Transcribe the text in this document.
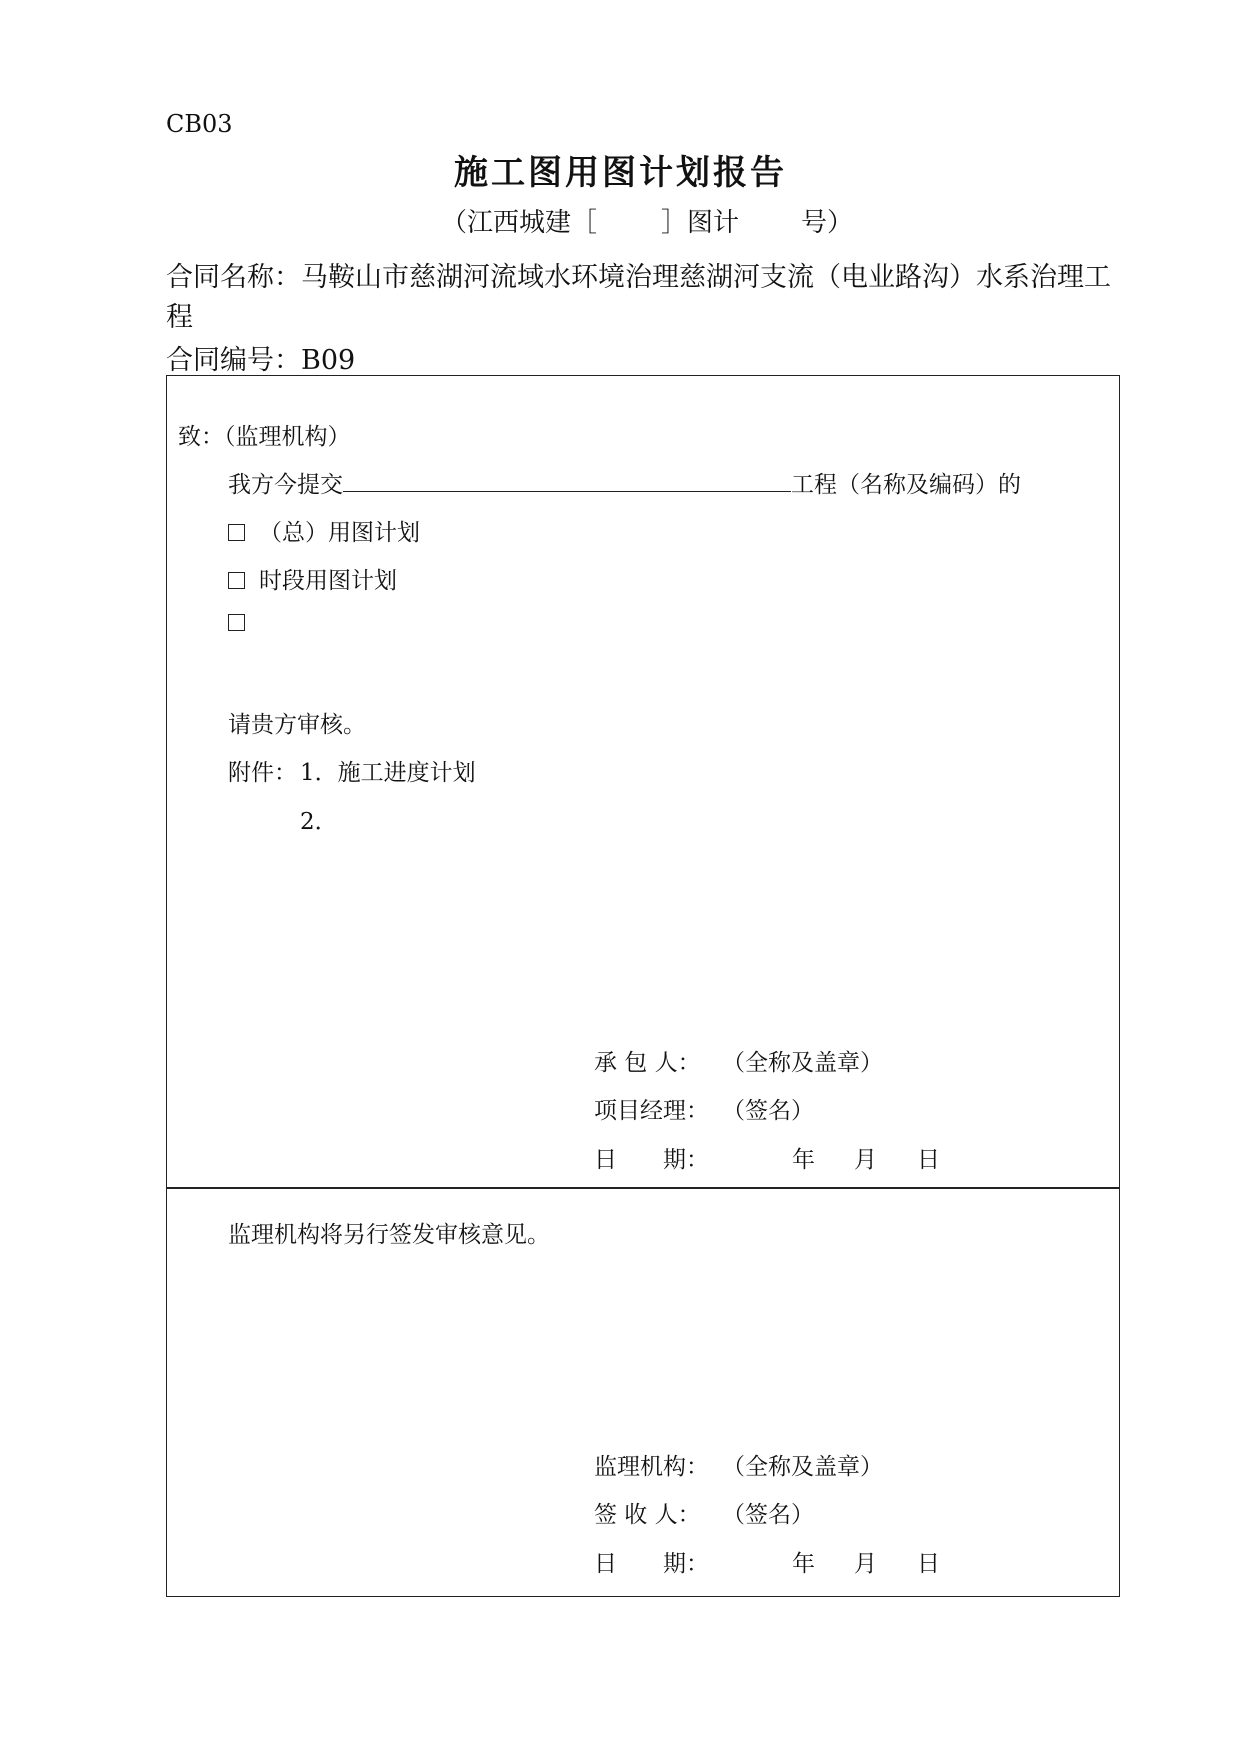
CB03
施工图用图计划报告
（江西城建［ ］图计 号）
合同名称：马鞍山市慈湖河流域水环境治理慈湖河支流（电业路沟）水系治理工程
合同编号：B09
致：（监理机构）
我方今提交	工程（名称及编码）的
（总）用图计划
时段用图计划
请贵方审核。
附件： 1．施工进度计划
2．
承 包 人： （全称及盖章）
项目经理： （签名）
日　　期：	年 月 日
监理机构将另行签发审核意见。
监理机构： （全称及盖章）
签 收 人： （签名）
日　　期：	年 月 日
